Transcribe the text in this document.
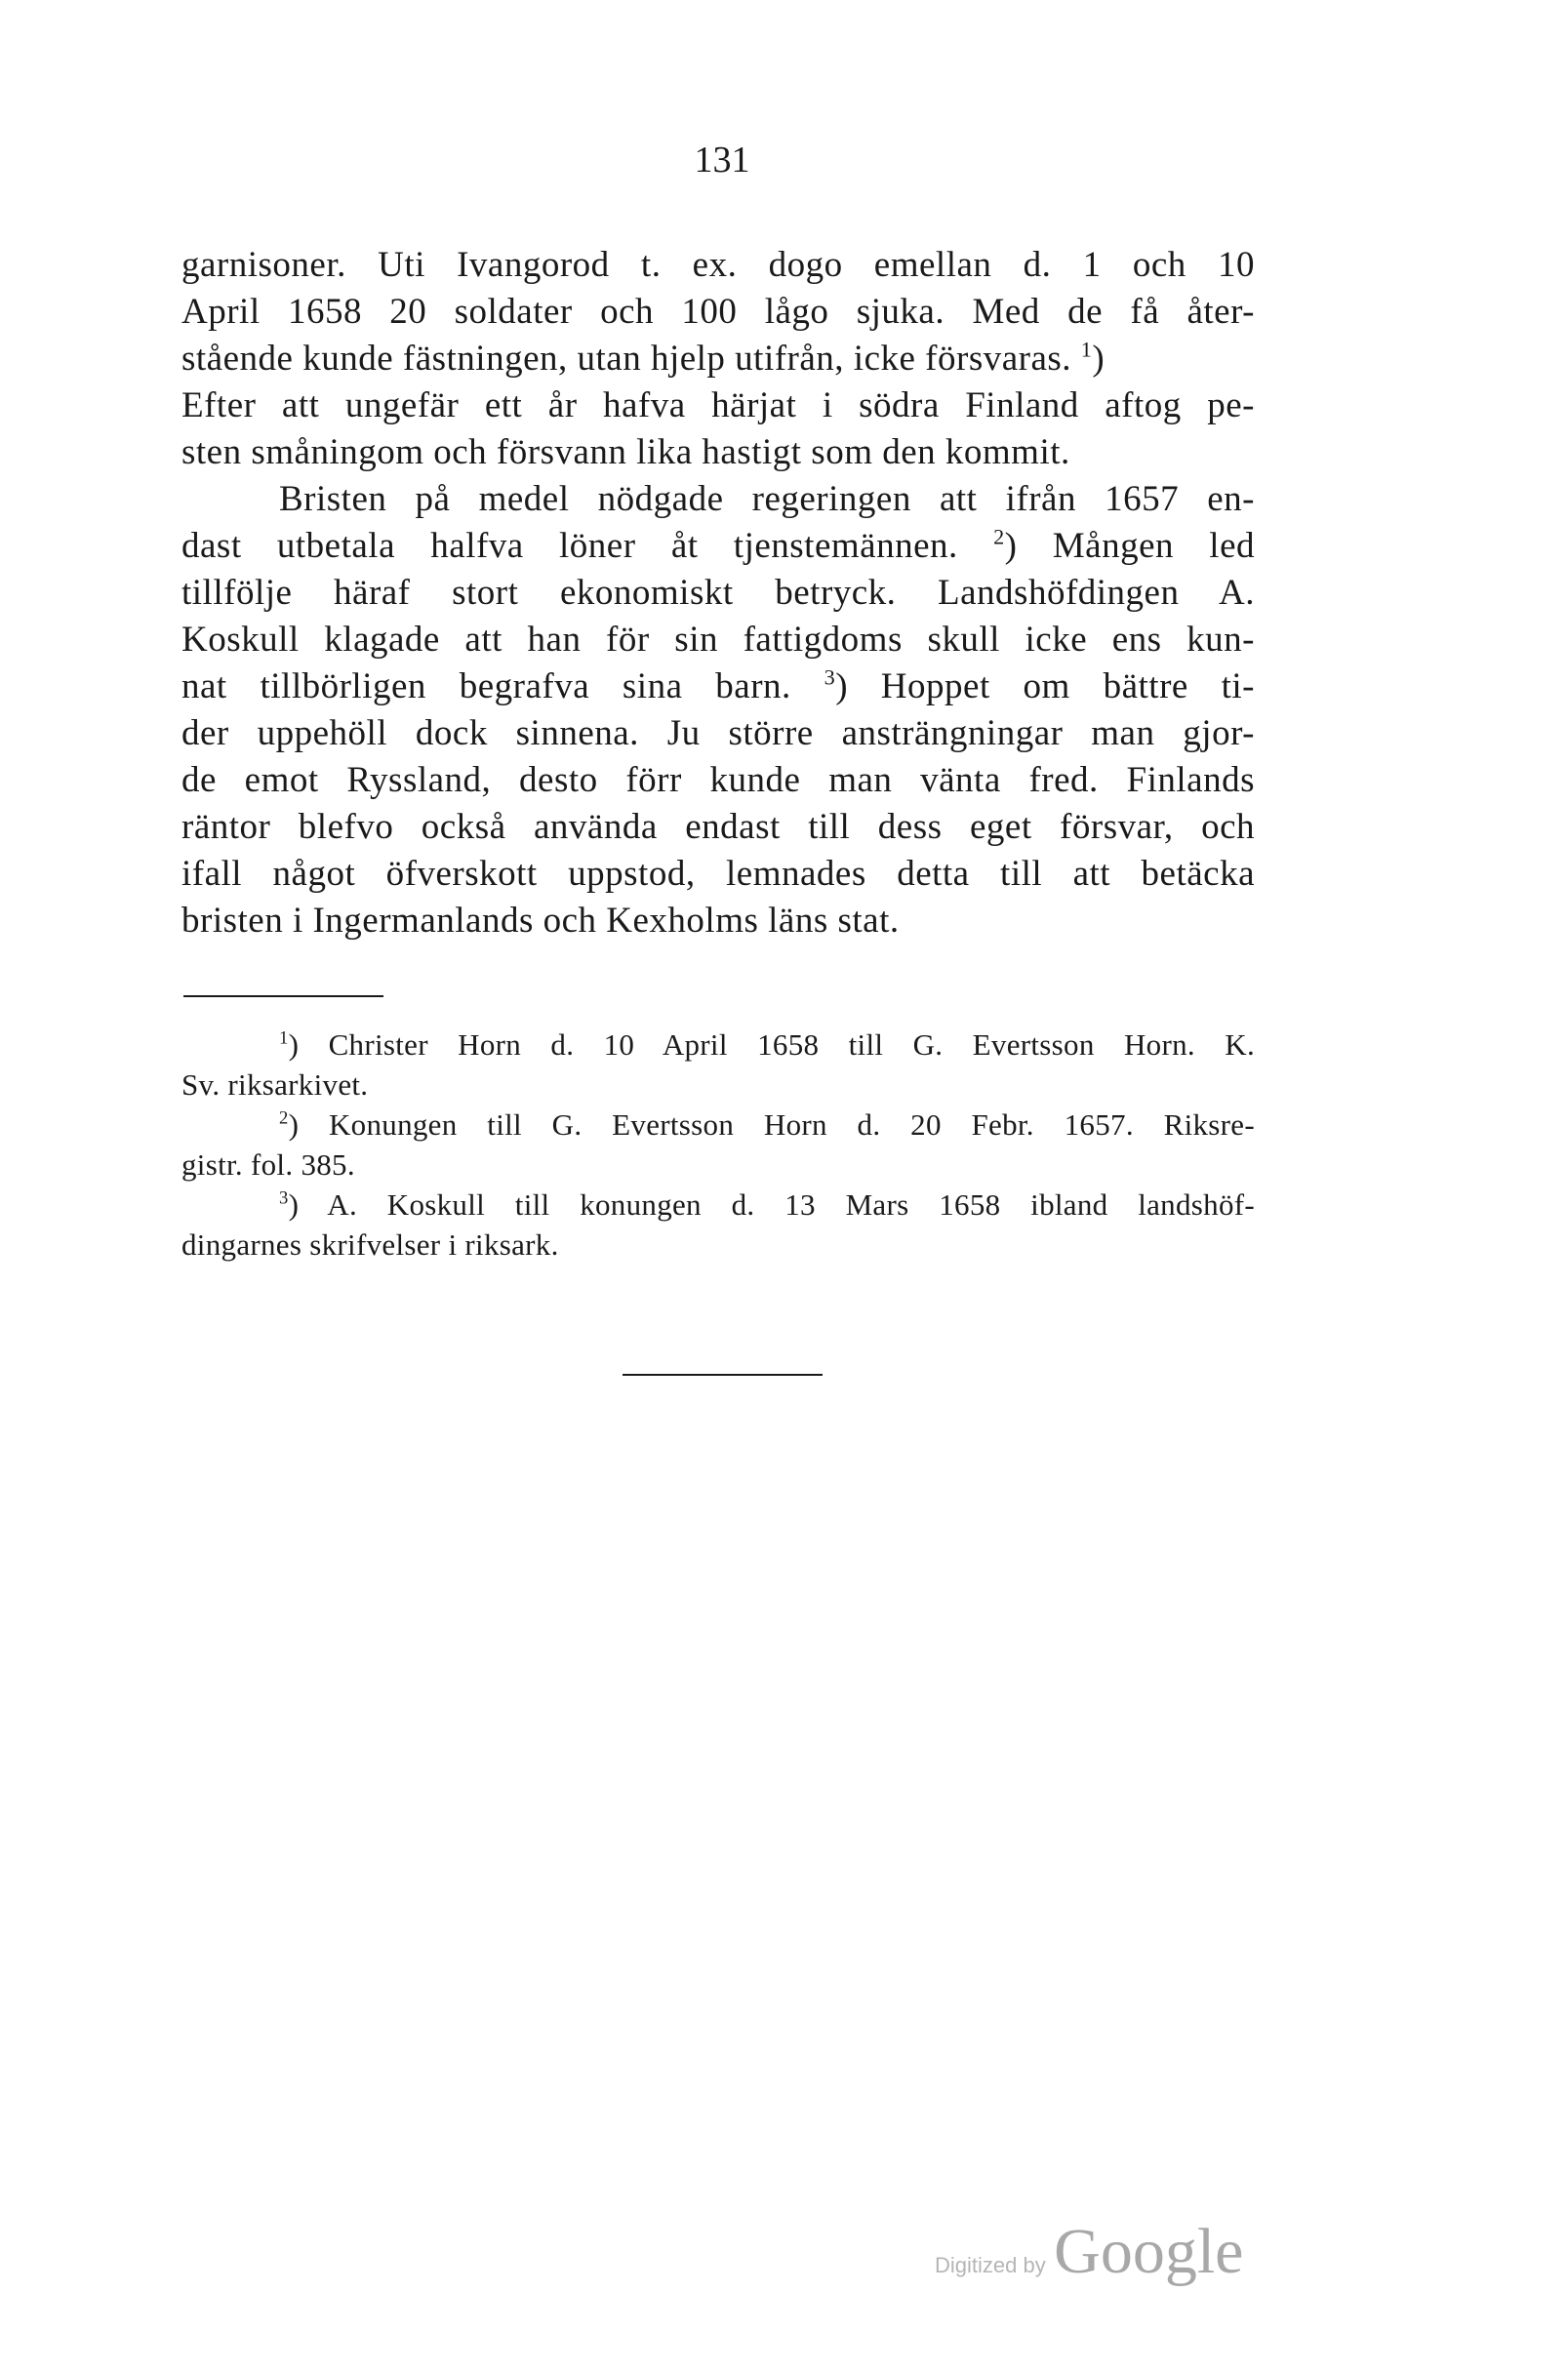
131
garnisoner. Uti Ivangorod t. ex. dogo emellan d. 1 och 10
April 1658 20 soldater och 100 lågo sjuka. Med de få åter-
stående kunde fästningen, utan hjelp utifrån, icke försvaras. $^1$)
Efter att ungefär ett år hafva härjat i södra Finland aftog pe-
sten småningom och försvann lika hastigt som den kommit.
Bristen på medel nödgade regeringen att ifrån 1657 en-
dast utbetala halfva löner åt tjenstemännen. $^2$) Mången led
tillfölje häraf stort ekonomiskt betryck. Landshöfdingen A.
Koskull klagade att han för sin fattigdoms skull icke ens kun-
nat tillbörligen begrafva sina barn. $^3$) Hoppet om bättre ti-
der uppehöll dock sinnena. Ju större ansträngningar man gjor-
de emot Ryssland, desto förr kunde man vänta fred. Finlands
räntor blefvo också använda endast till dess eget försvar, och
ifall något öfverskott uppstod, lemnades detta till att betäcka
bristen i Ingermanlands och Kexholms läns stat.
$^1$) Christer Horn d. 10 April 1658 till G. Evertsson Horn. K.
Sv. riksarkivet.
$^2$) Konungen till G. Evertsson Horn d. 20 Febr. 1657. Riksre-
gistr. fol. 385.
$^3$) A. Koskull till konungen d. 13 Mars 1658 ibland landshöf-
dingarnes skrifvelser i riksark.
Digitized by Google
